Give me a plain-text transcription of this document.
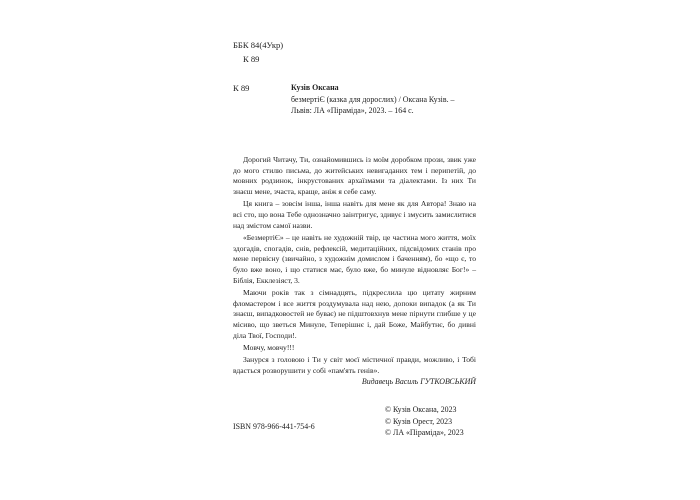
ББК 84(4Укр)
К 89
К 89	Кузів Оксана
безмертіЄ (казка для дорослих) / Оксана Кузів. –
Львів: ЛА «Піраміда», 2023. – 164 с.

Дорогий Читачу, Ти, ознайомившись із моїм доробком прози, звик уже до мого стилю письма, до житейських невигаданих тем і перипетій, до мовних родзинок, інкрустованих архаїзмами та діалектами. Із них Ти знаєш мене, зчаста, краще, аніж я себе саму.

Ця книга – зовсім інша, інша навіть для мене як для Автора! Знаю на всі сто, що вона Тебе однозначно заінтригує, здивує і змусить замислитися над змістом самої назви.

«БезмертіЄ» – це навіть не художній твір, це частина мого життя, моїх здогадів, спогадів, снів, рефлексій, медитаційних, підсвідомих станів про мене первісну (звичайно, з художнім домислом і баченням), бо «що є, то було вже воно, і що статися має, було вже, бо минуле відновляє Бог!» – Біблія, Екклезіяст, 3.

Маючи років так з сімнадцять, підкреслила цю цитату жирним фломастером і все життя роздумувала над нею, допоки випадок (а як Ти знаєш, випадковостей не буває) не підштовхнув мене пірнути глибше у це місиво, що зветься Минуле, Теперішнє і, дай Боже, Майбутнє, бо дивні діла Твої, Господи!.

Мовчу, мовчу!!!

Занурся з головою і Ти у світ моєї містичної правди, можливо, і Тобі вдасться розворушити у собі «пам'ять генів».

Видавець Василь ГУТКОВСЬКИЙ
ISBN 978-966-441-754-6
© Кузів Оксана, 2023
© Кузів Орест, 2023
© ЛА «Піраміда», 2023
